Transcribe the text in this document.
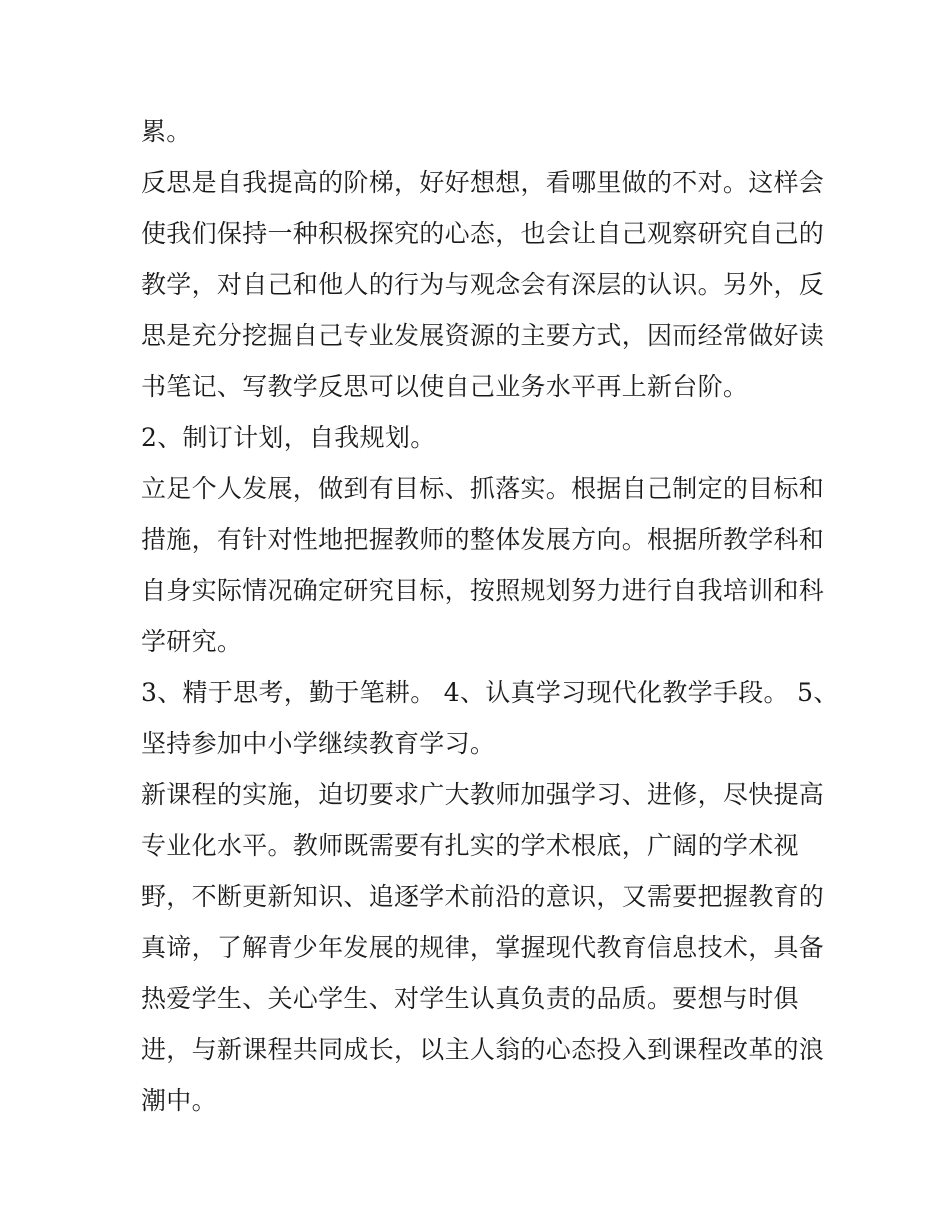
累。
反思是自我提高的阶梯，好好想想，看哪里做的不对。这样会
使我们保持一种积极探究的心态，也会让自己观察研究自己的
教学，对自己和他人的行为与观念会有深层的认识。另外，反
思是充分挖掘自己专业发展资源的主要方式，因而经常做好读
书笔记、写教学反思可以使自己业务水平再上新台阶。
2、制订计划，自我规划。
立足个人发展，做到有目标、抓落实。根据自己制定的目标和
措施，有针对性地把握教师的整体发展方向。根据所教学科和
自身实际情况确定研究目标，按照规划努力进行自我培训和科
学研究。
3、精于思考，勤于笔耕。 4、认真学习现代化教学手段。 5、
坚持参加中小学继续教育学习。
新课程的实施，迫切要求广大教师加强学习、进修，尽快提高
专业化水平。教师既需要有扎实的学术根底，广阔的学术视
野，不断更新知识、追逐学术前沿的意识，又需要把握教育的
真谛，了解青少年发展的规律，掌握现代教育信息技术，具备
热爱学生、关心学生、对学生认真负责的品质。要想与时俱
进，与新课程共同成长，以主人翁的心态投入到课程改革的浪
潮中。
